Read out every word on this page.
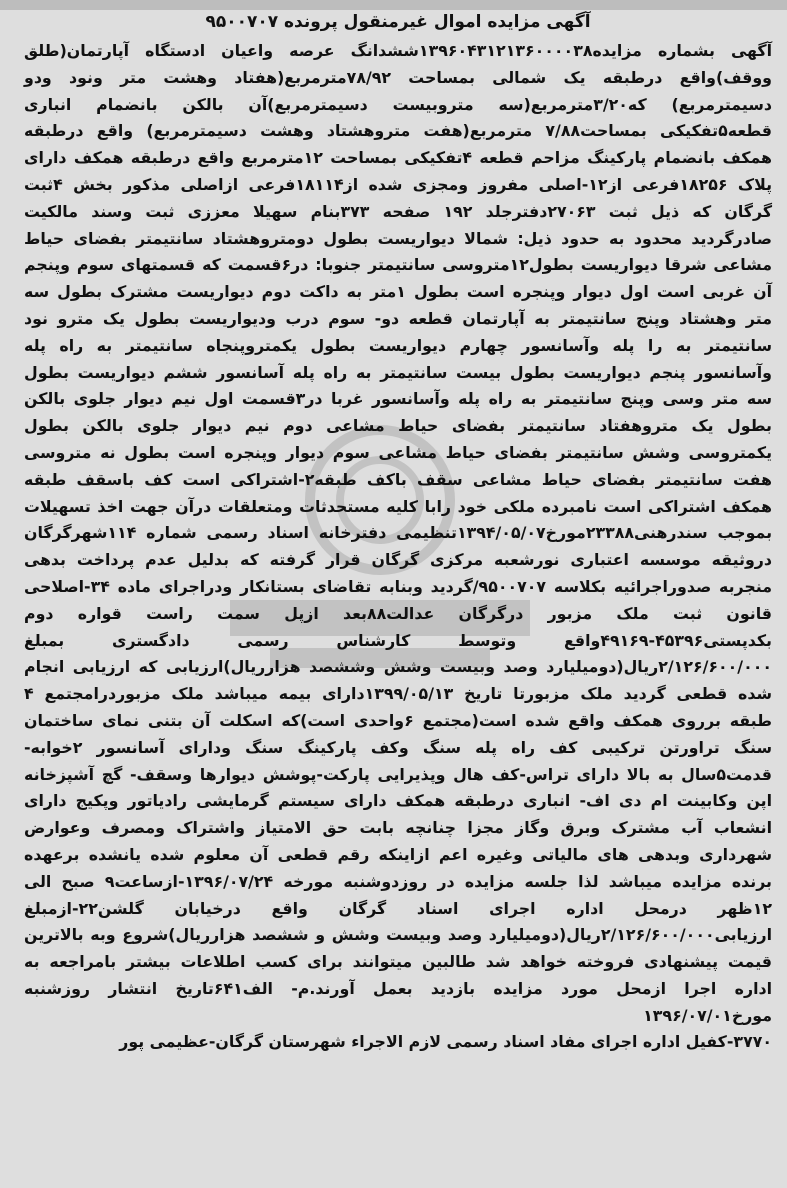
آگهی مزایده اموال غیرمنقول پرونده ۹۵۰۰۷۰۷

آگهی بشماره مزایده۱۳۹۶۰۴۳۱۲۱۳۶۰۰۰۰۳۸ششدانگ عرصه واعیان ادستگاه آپارتمان(طلق ووقف)واقع درطبقه یک شمالی بمساحت ۷۸/۹۲مترمربع(هفتاد وهشت متر ونود ودو دسیمترمربع) که۳/۲۰مترمربع(سه متروبیست دسیمترمربع)آن بالکن بانضمام انباری قطعه۵تفکیکی بمساحت۷/۸۸ مترمربع(هفت متروهشتاد وهشت دسیمترمربع) واقع درطبقه همکف بانضمام پارکینگ مزاحم قطعه ۴تفکیکی بمساحت ۱۲مترمربع واقع درطبقه همکف دارای پلاک ۱۸۲۵۶فرعی از۱۲-اصلی مفروز ومجزی شده از۱۸۱۱۴فرعی ازاصلی مذکور بخش ۴ثبت گرگان که ذیل ثبت ۲۷۰۶۳دفترجلد ۱۹۲ صفحه ۳۷۳بنام سهیلا معززی ثبت وسند مالکیت صادرگردید محدود به حدود ذیل: شمالا دیواریست بطول دومتروهشتاد سانتیمتر بفضای حیاط مشاعی شرقا دیواریست بطول۱۲متروسی سانتیمتر جنوبا: در۶قسمت که قسمتهای سوم وپنجم آن غربی است اول دیوار وپنجره است بطول ۱متر به داکت دوم دیواریست مشترک بطول سه متر وهشتاد وپنج سانتیمتر به آپارتمان قطعه دو- سوم درب ودیواریست بطول یک مترو نود سانتیمتر به را پله وآسانسور چهارم دیواریست بطول یکمتروپنجاه سانتیمتر به راه پله وآسانسور پنجم دیواریست بطول بیست سانتیمتر به راه پله آسانسور ششم دیواریست بطول سه متر وسی وپنج سانتیمتر به راه پله وآسانسور غربا در۳قسمت اول نیم دیوار جلوی بالکن بطول یک متروهفتاد سانتیمتر بفضای حیاط مشاعی دوم نیم دیوار جلوی بالکن بطول یکمتروسی وشش سانتیمتر بفضای حیاط مشاعی سوم دیوار وپنجره است بطول نه متروسی هفت سانتیمتر بفضای حیاط مشاعی سقف باکف طبقه۲-اشتراکی است کف باسقف طبقه همکف اشتراکی است نامبرده ملکی خود رابا کلیه مستحدثات ومتعلقات درآن جهت اخذ تسهیلات بموجب سندرهنی۲۳۳۸۸مورخ۱۳۹۴/۰۵/۰۷تنظیمی دفترخانه اسناد رسمی شماره ۱۱۴شهرگرگان دروثیقه موسسه اعتباری نورشعبه مرکزی گرگان قرار گرفته که بدلیل عدم پرداخت بدهی منجربه صدوراجرائیه بکلاسه ۹۵۰۰۷۰۷/گردید وبنابه تقاضای بستانکار ودراجرای ماده ۳۴-اصلاحی قانون ثبت ملک مزبور درگرگان عدالت۸۸بعد ازپل سمت راست قواره دوم بکدپستی۴۵۳۹۶-۴۹۱۶۹واقع وتوسط کارشناس رسمی دادگستری بمبلغ ۲/۱۲۶/۶۰۰/۰۰۰ریال(دومیلیارد وصد وبیست وشش وششصد هزارریال)ارزیابی که ارزیابی انجام شده قطعی گردید ملک مزبورتا تاریخ ۱۳۹۹/۰۵/۱۳دارای بیمه میباشد ملک مزبوردرامجتمع ۴ طبقه برروی همکف واقع شده است(مجتمع ۶واحدی است)که اسکلت آن بتنی نمای ساختمان سنگ تراورتن ترکیبی کف راه پله سنگ وکف پارکینگ سنگ ودارای آسانسور ۲خوابه- قدمت۵سال به بالا دارای تراس-کف هال وپذیرایی پارکت-پوشش دیوارها وسقف- گچ آشپزخانه اپن وکابینت ام دی اف- انباری درطبقه همکف دارای سیستم گرمایشی رادیاتور وپکیج دارای انشعاب آب مشترک وبرق وگاز مجزا چنانچه بابت حق الامتیاز واشتراک ومصرف وعوارض شهرداری وبدهی های مالیاتی وغیره اعم ازاینکه رقم قطعی آن معلوم شده یانشده برعهده برنده مزایده میباشد لذا جلسه مزایده در روزدوشنبه مورخه ۱۳۹۶/۰۷/۲۴-ازساعت۹ صبح الی ۱۲ظهر درمحل اداره اجرای اسناد گرگان واقع درخیابان گلشن۲۲-ازمبلغ ارزیابی۲/۱۲۶/۶۰۰/۰۰۰ریال(دومیلیارد وصد وبیست وشش و ششصد هزارریال)شروع وبه بالاترین قیمت پیشنهادی فروخته خواهد شد طالبین میتوانند برای کسب اطلاعات بیشتر بامراجعه به اداره اجرا ازمحل مورد مزایده بازدید بعمل آورند.م- الف۶۴۱تاریخ انتشار روزشنبه مورخ۱۳۹۶/۰۷/۰۱

۳۷۷۰-کفیل اداره اجرای مفاد اسناد رسمی لازم الاجراء شهرستان گرگان-عظیمی پور
